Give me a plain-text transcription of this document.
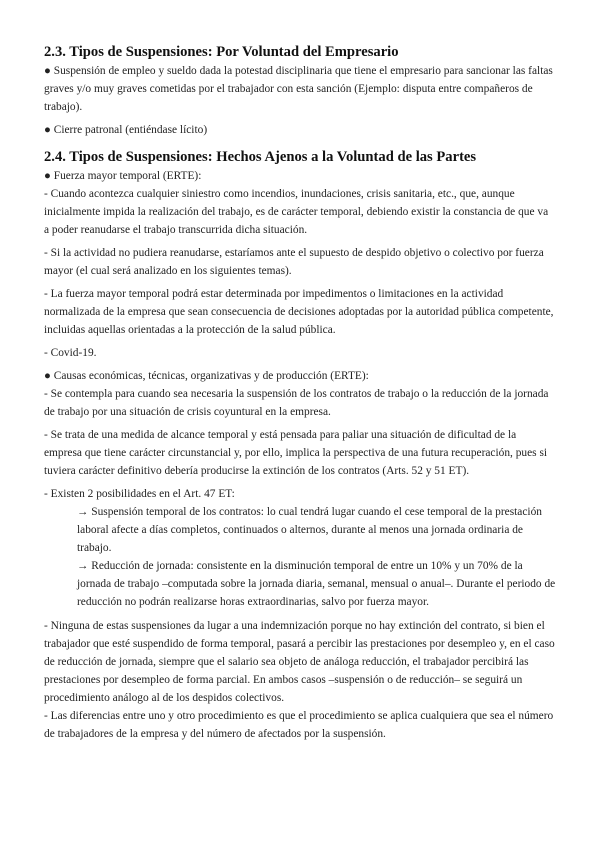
2.3. Tipos de Suspensiones: Por Voluntad del Empresario

● Suspensión de empleo y sueldo dada la potestad disciplinaria que tiene el empresario para sancionar las faltas graves y/o muy graves cometidas por el trabajador con esta sanción (Ejemplo: disputa entre compañeros de trabajo).

● Cierre patronal (entiéndase lícito)

2.4. Tipos de Suspensiones: Hechos Ajenos a la Voluntad de las Partes

● Fuerza mayor temporal (ERTE):

- Cuando acontezca cualquier siniestro como incendios, inundaciones, crisis sanitaria, etc., que, aunque inicialmente impida la realización del trabajo, es de carácter temporal, debiendo existir la constancia de que va a poder reanudarse el trabajo transcurrida dicha situación.

- Si la actividad no pudiera reanudarse, estaríamos ante el supuesto de despido objetivo o colectivo por fuerza mayor (el cual será analizado en los siguientes temas).

- La fuerza mayor temporal podrá estar determinada por impedimentos o limitaciones en la actividad normalizada de la empresa que sean consecuencia de decisiones adoptadas por la autoridad pública competente, incluidas aquellas orientadas a la protección de la salud pública.

- Covid-19.

● Causas económicas, técnicas, organizativas y de producción (ERTE):

- Se contempla para cuando sea necesaria la suspensión de los contratos de trabajo o la reducción de la jornada de trabajo por una situación de crisis coyuntural en la empresa.

- Se trata de una medida de alcance temporal y está pensada para paliar una situación de dificultad de la empresa que tiene carácter circunstancial y, por ello, implica la perspectiva de una futura recuperación, pues si tuviera carácter definitivo debería producirse la extinción de los contratos (Arts. 52 y 51 ET).

- Existen 2 posibilidades en el Art. 47 ET:

→ Suspensión temporal de los contratos: lo cual tendrá lugar cuando el cese temporal de la prestación laboral afecte a días completos, continuados o alternos, durante al menos una jornada ordinaria de trabajo.

→ Reducción de jornada: consistente en la disminución temporal de entre un 10% y un 70% de la jornada de trabajo –computada sobre la jornada diaria, semanal, mensual o anual–. Durante el periodo de reducción no podrán realizarse horas extraordinarias, salvo por fuerza mayor.

- Ninguna de estas suspensiones da lugar a una indemnización porque no hay extinción del contrato, si bien el trabajador que esté suspendido de forma temporal, pasará a percibir las prestaciones por desempleo y, en el caso de reducción de jornada, siempre que el salario sea objeto de análoga reducción, el trabajador percibirá las prestaciones por desempleo de forma parcial. En ambos casos –suspensión o de reducción– se seguirá un procedimiento análogo al de los despidos colectivos.

- Las diferencias entre uno y otro procedimiento es que el procedimiento se aplica cualquiera que sea el número de trabajadores de la empresa y del número de afectados por la suspensión.
